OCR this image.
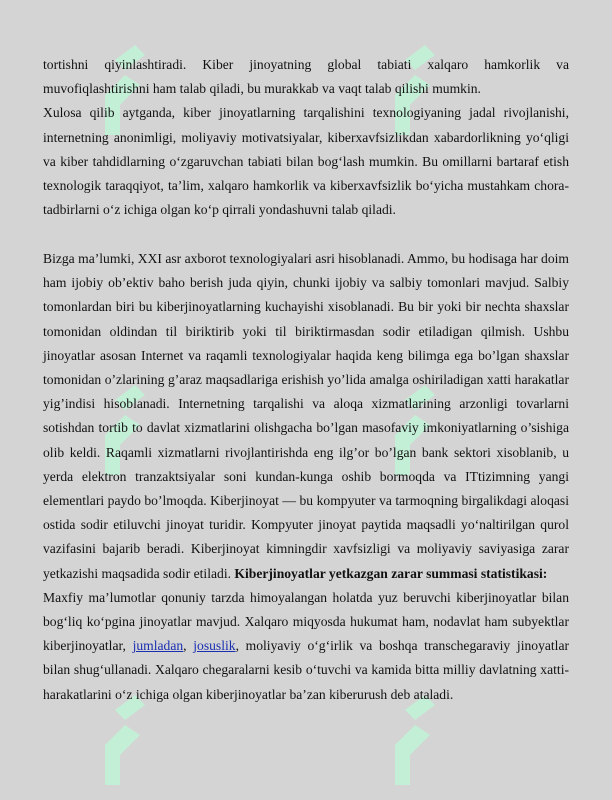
tortishni qiyinlashtiradi. Kiber jinoyatning global tabiati xalqaro hamkorlik va muvofiqlashtirishni ham talab qiladi, bu murakkab va vaqt talab qilishi mumkin.

Xulosa qilib aytganda, kiber jinoyatlarning tarqalishini texnologiyaning jadal rivojlanishi, internetning anonimligi, moliyaviy motivatsiyalar, kiberxavfsizlikdan xabardorlikning yo‘qligi va kiber tahdidlarning o‘zgaruvchan tabiati bilan bog‘lash mumkin. Bu omillarni bartaraf etish texnologik taraqqiyot, ta’lim, xalqaro hamkorlik va kiberxavfsizlik bo‘yicha mustahkam chora-tadbirlarni o‘z ichiga olgan ko‘p qirrali yondashuvni talab qiladi.

Bizga ma’lumki, XXI asr axborot texnologiyalari asri hisoblanadi. Ammo, bu hodisaga har doim ham ijobiy ob’ektiv baho berish juda qiyin, chunki ijobiy va salbiy tomonlari mavjud. Salbiy tomonlardan biri bu kiberjinoyatlarning kuchayishi xisoblanadi. Bu bir yoki bir nechta shaxslar tomonidan oldindan til biriktirib yoki til biriktirmasdan sodir etiladigan qilmish. Ushbu jinoyatlar asosan Internet va raqamli texnologiyalar haqida keng bilimga ega bo’lgan shaxslar tomonidan o’zlarining g’araz maqsadlariga erishish yo’lida amalga oshiriladigan xatti harakatlar yig’indisi hisoblanadi. Internetning tarqalishi va aloqa xizmatlarining arzonligi tovarlarni sotishdan tortib to davlat xizmatlarini olishgacha bo’lgan masofaviy imkoniyatlarning o’sishiga olib keldi. Raqamli xizmatlarni rivojlantirishda eng ilg’or bo’lgan bank sektori xisoblanib, u yerda elektron tranzaktsiyalar soni kundan-kunga oshib bormoqda va ITtizimning yangi elementlari paydo bo’lmoqda. Kiberjinoyat — bu kompyuter va tarmoqning birgalikdagi aloqasi ostida sodir etiluvchi jinoyat turidir. Kompyuter jinoyat paytida maqsadli yo‘naltirilgan qurol vazifasini bajarib beradi. Kiberjinoyat kimningdir xavfsizligi va moliyaviy saviyasiga zarar yetkazishi maqsadida sodir etiladi. Kiberjinoyatlar yetkazgan zarar summasi statistikasi:

Maxfiy ma’lumotlar qonuniy tarzda himoyalangan holatda yuz beruvchi kiberjinoyatlar bilan bog‘liq ko‘pgina jinoyatlar mavjud. Xalqaro miqyosda hukumat ham, nodavlat ham subyektlar kiberjinoyatlar, jumladan, josuslik, moliyaviy o‘g‘irlik va boshqa transchegaraviy jinoyatlar bilan shug‘ullanadi. Xalqaro chegaralarni kesib o‘tuvchi va kamida bitta milliy davlatning xatti-harakatlarini o‘z ichiga olgan kiberjinoyatlar ba’zan kiberurush deb ataladi.
